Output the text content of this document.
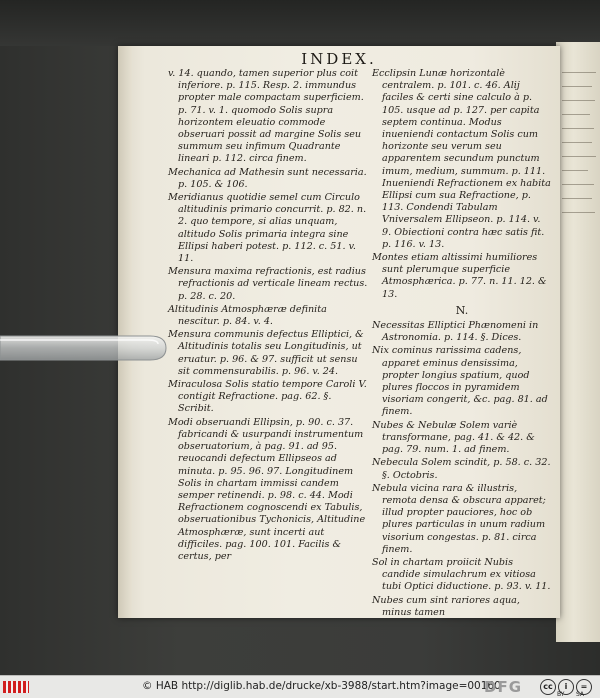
INDEX.

v. 14. quando, tamen superior plus coit inferiore. p. 115. Resp. 2. immundus propter male compactam superficiem. p. 71. v. 1. quomodo Solis supra horizontem eleuatio commode obseruari possit ad margine Solis seu summum seu infimum Quadrante lineari p. 112. circa finem.

Mechanica ad Mathesin sunt necessaria. p. 105. & 106.

Meridianus quotidie semel cum Circulo altitudinis primario concurrit. p. 82. n. 2. quo tempore, si alias unquam, altitudo Solis primaria integra sine Ellipsi haberi potest. p. 112. c. 51. v. 11.

Mensura maxima refractionis, est radius refractionis ad verticale lineam rectus. p. 28. c. 20.

Altitudinis Atmosphæræ definita nescitur. p. 84. v. 4.

Mensura communis defectus Elliptici, & Altitudinis totalis seu Longitudinis, ut eruatur. p. 96. & 97. sufficit ut sensu sit commensurabilis. p. 96. v. 24.

Miraculosa Solis statio tempore Caroli V. contigit Refractione. pag. 62. §. Scribit.

Modi obseruandi Ellipsin, p. 90. c. 37. fabricandi & usurpandi instrumentum obseruatorium, à pag. 91. ad 95. reuocandi defectum Ellipseos ad minuta. p. 95. 96. 97. Longitudinem Solis in chartam immissi candem semper retinendi. p. 98. c. 44. Modi Refractionem cognoscendi ex Tabulis, obseruationibus Tychonicis, Altitudine Atmosphæræ, sunt incerti aut difficiles. pag. 100. 101. Facilis & certus, per

Ecclipsin Lunæ horizontalè centralem. p. 101. c. 46. Alij faciles & certi sine calculo à p. 105. usque ad p. 127. per capita septem continua. Modus inueniendi contactum Solis cum horizonte seu verum seu apparentem secundum punctum imum, medium, summum. p. 111. Inueniendi Refractionem ex habita Ellipsi cum sua Refractione, p. 113. Condendi Tabulam Vniversalem Ellipseon. p. 114. v. 9. Obiectioni contra hæc satis fit. p. 116. v. 13.

Montes etiam altissimi humiliores sunt plerumque superficie Atmosphærica. p. 77. n. 11. 12. & 13.

N.

Necessitas Elliptici Phænomeni in Astronomia. p. 114. §. Dices.

Nix cominus rarissima cadens, apparet eminus densissima, propter longius spatium, quod plures floccos in pyramidem visoriam congerit, &c. pag. 81. ad finem.

Nubes & Nebulæ Solem variè transformane, pag. 41. & 42. & pag. 79. num. 1. ad finem.

Nebecula Solem scindit, p. 58. c. 32. §. Octobris.

Nebula vicina rara & illustris, remota densa & obscura apparet; illud propter pauciores, hoc ob plures particulas in unum radium visorium congestas. p. 81. circa finem.

Sol in chartam proiicit Nubis candide simulachrum ex vitiosa tubi Optici diductione. p. 93. v. 11.

Nubes cum sint rariores aqua, minus tamen

© HAB http://diglib.hab.de/drucke/xb-3988/start.htm?image=00160
DFG	cc	i	=
BY SA
